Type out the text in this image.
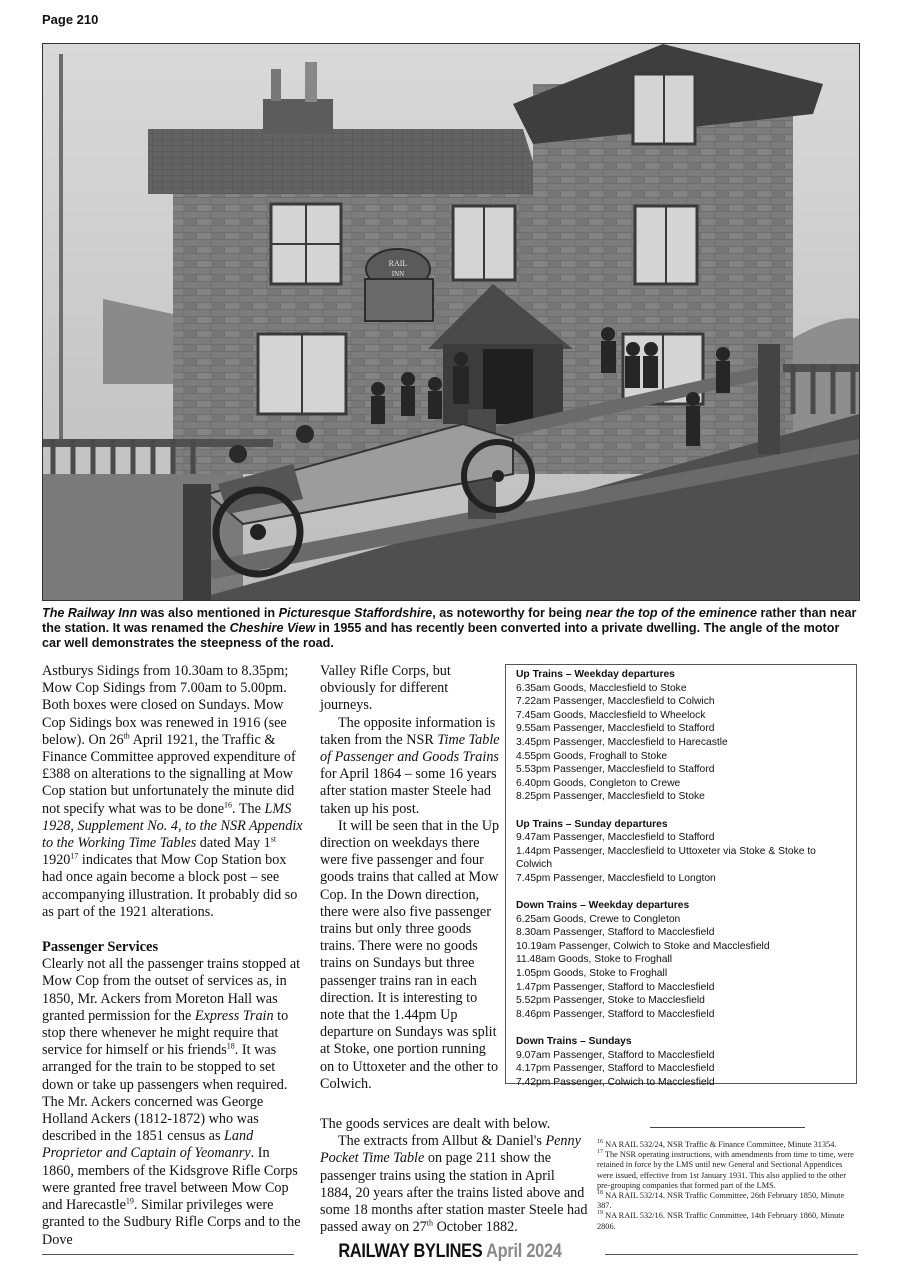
Page 210
RAIL
INN
The Railway Inn was also mentioned in Picturesque Staffordshire, as noteworthy for being near the top of the eminence rather than near the station. It was renamed the Cheshire View in 1955 and has recently been converted into a private dwelling. The angle of the motor car well demonstrates the steepness of the road.

Astburys Sidings from 10.30am to 8.35pm; Mow Cop Sidings from 7.00am to 5.00pm. Both boxes were closed on Sundays. Mow Cop Sidings box was renewed in 1916 (see below). On 26th April 1921, the Traffic & Finance Committee approved expenditure of £388 on alterations to the signalling at Mow Cop station but unfortunately the minute did not specify what was to be done$^{16}$. The LMS 1928, Supplement No. 4, to the NSR Appendix to the Working Time Tables dated May 1st 1920$^{17}$ indicates that Mow Cop Station box had once again become a block post – see accompanying illustration. It probably did so as part of the 1921 alterations.

Passenger Services

Clearly not all the passenger trains stopped at Mow Cop from the outset of services as, in 1850, Mr. Ackers from Moreton Hall was granted permission for the Express Train to stop there whenever he might require that service for himself or his friends$^{18}$. It was arranged for the train to be stopped to set down or take up passengers when required. The Mr. Ackers concerned was George Holland Ackers (1812-1872) who was described in the 1851 census as Land Proprietor and Captain of Yeomanry. In 1860, members of the Kidsgrove Rifle Corps were granted free travel between Mow Cop and Harecastle$^{19}$. Similar privileges were granted to the Sudbury Rifle Corps and to the Dove

Valley Rifle Corps, but obviously for different journeys.

The opposite information is taken from the NSR Time Table of Passenger and Goods Trains for April 1864 – some 16 years after station master Steele had taken up his post.

It will be seen that in the Up direction on weekdays there were five passenger and four goods trains that called at Mow Cop. In the Down direction, there were also five passenger trains but only three goods trains. There were no goods trains on Sundays but three passenger trains ran in each direction. It is interesting to note that the 1.44pm Up departure on Sundays was split at Stoke, one portion running on to Uttoxeter and the other to Colwich.

The goods services are dealt with below.

The extracts from Allbut & Daniel's Penny Pocket Time Table on page 211 show the passenger trains using the station in April 1884, 20 years after the trains listed above and some 18 months after station master Steele had passed away on 27th October 1882.

Up Trains – Weekday departures
6.35am Goods, Macclesfield to Stoke
7.22am Passenger, Macclesfield to Colwich
7.45am Goods, Macclesfield to Wheelock
9.55am Passenger, Macclesfield to Stafford
3.45pm Passenger, Macclesfield to Harecastle
4.55pm Goods, Froghall to Stoke
5.53pm Passenger, Macclesfield to Stafford
6.40pm Goods, Congleton to Crewe
8.25pm Passenger, Macclesfield to Stoke
Up Trains – Sunday departures
9.47am Passenger, Macclesfield to Stafford
1.44pm Passenger, Macclesfield to Uttoxeter via Stoke & Stoke to Colwich
7.45pm Passenger, Macclesfield to Longton
Down Trains – Weekday departures
6.25am Goods, Crewe to Congleton
8.30am Passenger, Stafford to Macclesfield
10.19am Passenger, Colwich to Stoke and Macclesfield
11.48am Goods, Stoke to Froghall
1.05pm Goods, Stoke to Froghall
1.47pm Passenger, Stafford to Macclesfield
5.52pm Passenger, Stoke to Macclesfield
8.46pm Passenger, Stafford to Macclesfield
Down Trains – Sundays
9.07am Passenger, Stafford to Macclesfield
4.17pm Passenger, Stafford to Macclesfield
7.42pm Passenger, Colwich to Macclesfield
$^{16}$ NA RAIL 532/24, NSR Traffic & Finance Committee, Minute 31354.
$^{17}$ The NSR operating instructions, with amendments from time to time, were retained in force by the LMS until new General and Sectional Appendices were issued, effective from 1st January 1931. This also applied to the other pre-grouping companies that formed part of the LMS.
$^{18}$ NA RAIL 532/14. NSR Traffic Committee, 26th February 1850, Minute 387.
$^{19}$ NA RAIL 532/16. NSR Traffic Committee, 14th February 1860, Minute 2806.
RAILWAY BYLINES April 2024
